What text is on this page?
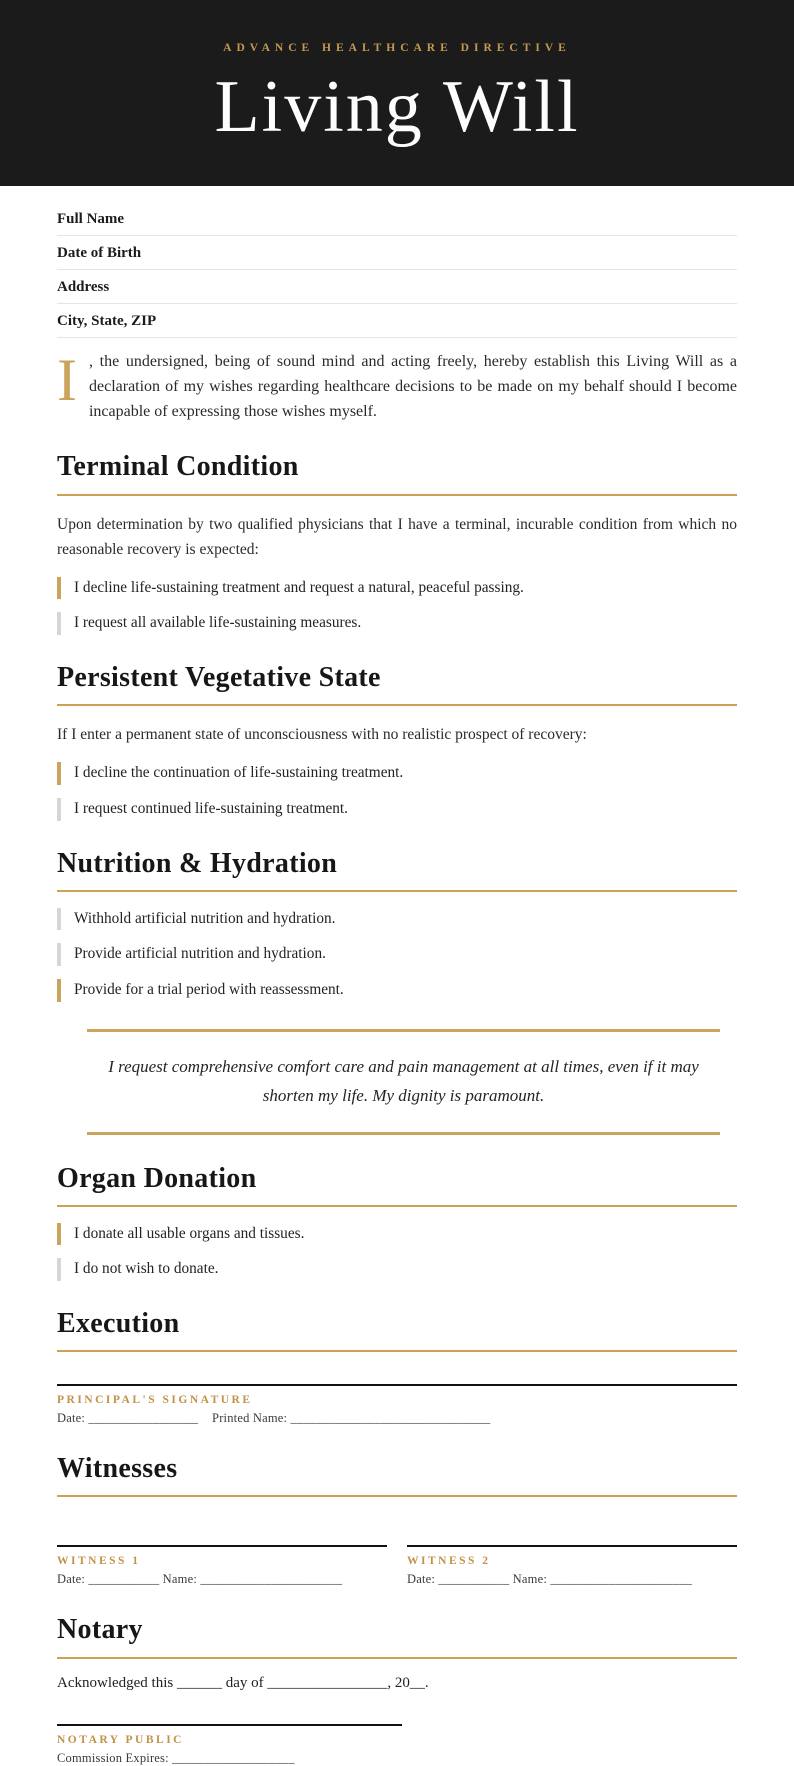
ADVANCE HEALTHCARE DIRECTIVE
Living Will
Full Name
Date of Birth
Address
City, State, ZIP

I , the undersigned, being of sound mind and acting freely, hereby establish this Living Will as a declaration of my wishes regarding healthcare decisions to be made on my behalf should I become incapable of expressing those wishes myself.

Terminal Condition

Upon determination by two qualified physicians that I have a terminal, incurable condition from which no reasonable recovery is expected:

I decline life-sustaining treatment and request a natural, peaceful passing.
I request all available life-sustaining measures.
Persistent Vegetative State

If I enter a permanent state of unconsciousness with no realistic prospect of recovery:

I decline the continuation of life-sustaining treatment.
I request continued life-sustaining treatment.
Nutrition & Hydration
Withhold artificial nutrition and hydration.
Provide artificial nutrition and hydration.
Provide for a trial period with reassessment.
I request comprehensive comfort care and pain management at all times, even if it may shorten my life. My dignity is paramount.
Organ Donation
I donate all usable organs and tissues.
I do not wish to donate.
Execution
PRINCIPAL'S SIGNATURE
Date: _________________ Printed Name: _______________________________
Witnesses
WITNESS 1
Date: ___________ Name: ______________________
WITNESS 2
Date: ___________ Name: ______________________
Notary

Acknowledged this ______ day of ________________, 20__.

NOTARY PUBLIC
Commission Expires: ___________________
